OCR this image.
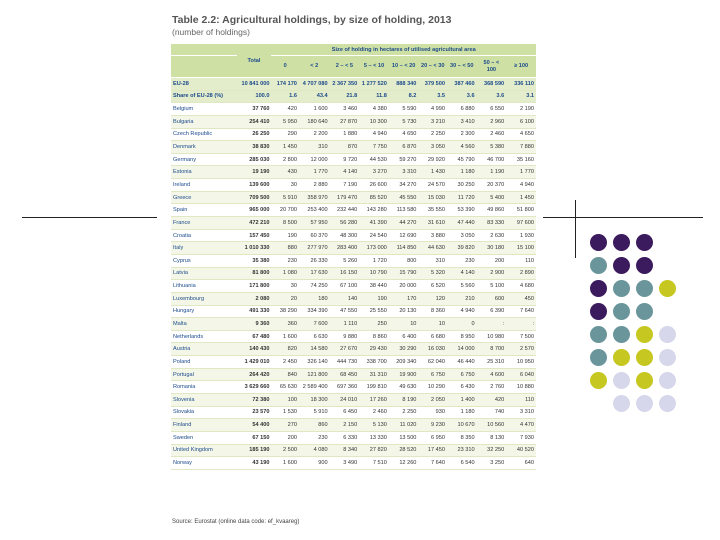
Table 2.2: Agricultural holdings, by size of holding, 2013
(number of holdings)
	Total	Size of holding in hectares of utilised agricultural area								
		0	< 2	2 – < 5	5 – < 10	10 – < 20	20 – < 30	30 – < 50	50 – < 100	≥ 100
EU-28	10 841 000	174 170	4 707 080	2 367 350	1 277 520	888 340	379 500	387 460	368 590	336 110
Share of EU-28 (%)	100.0	1.6	43.4	21.8	11.8	8.2	3.5	3.6	3.6	3.1
Belgium	37 760	420	1 600	3 460	4 380	5 590	4 990	6 880	6 550	2 190
Bulgaria	254 410	5 950	180 640	27 870	10 300	5 730	3 210	3 410	2 960	6 100
Czech Republic	26 250	290	2 200	1 880	4 940	4 650	2 250	2 300	2 460	4 650
Denmark	38 830	1 450	310	870	7 750	6 870	3 050	4 560	5 380	7 880
Germany	285 030	2 800	12 000	9 720	44 530	59 270	29 920	45 790	46 700	35 160
Estonia	19 190	430	1 770	4 140	3 270	3 310	1 430	1 180	1 190	1 770
Ireland	139 600	30	2 880	7 190	26 600	34 270	24 570	30 250	20 370	4 940
Greece	709 500	5 910	358 970	179 470	85 520	45 550	15 030	11 720	5 400	1 450
Spain	965 000	20 700	253 400	232 440	143 280	113 580	35 550	53 390	49 860	51 800
France	472 210	8 500	57 950	56 280	41 390	44 270	31 610	47 440	83 330	97 600
Croatia	157 450	190	60 370	48 300	24 540	12 690	3 880	3 050	2 630	1 930
Italy	1 010 330	880	277 970	283 400	173 000	114 850	44 630	39 820	30 180	15 100
Cyprus	35 380	230	26 330	5 260	1 720	800	310	230	200	110
Latvia	81 800	1 080	17 630	16 150	10 790	15 790	5 320	4 140	2 900	2 890
Lithuania	171 800	30	74 250	67 100	38 440	20 000	6 520	5 560	5 100	4 680
Luxembourg	2 080	20	180	140	190	170	120	210	600	450
Hungary	491 330	38 290	334 390	47 550	25 550	20 130	8 360	4 940	6 390	7 640
Malta	9 360	360	7 600	1 110	250	10	10	0	:	:
Netherlands	67 480	1 600	6 630	9 880	8 860	6 400	6 680	8 950	10 980	7 500
Austria	140 430	820	14 580	27 670	29 430	30 290	16 030	14 000	8 700	2 570
Poland	1 429 010	2 450	326 140	444 730	338 700	209 340	62 040	46 440	25 310	10 950
Portugal	264 420	840	121 800	68 450	31 310	19 900	6 750	6 750	4 600	6 040
Romania	3 629 660	65 630	2 589 400	697 360	199 810	49 630	10 290	6 430	2 760	10 880
Slovenia	72 380	100	18 300	24 010	17 260	8 190	2 050	1 400	420	110
Slovakia	23 570	1 530	5 910	6 450	2 460	2 250	930	1 180	740	3 310
Finland	54 400	270	860	2 150	5 130	11 020	9 230	10 670	10 560	4 470
Sweden	67 150	200	230	6 330	13 330	13 500	6 950	8 350	8 130	7 930
United Kingdom	185 190	2 500	4 080	8 340	27 820	28 520	17 450	23 310	32 250	40 520
Norway	43 190	1 600	900	3 490	7 510	12 260	7 640	6 540	3 250	640
Source: Eurostat (online data code: ef_kvaareg)
